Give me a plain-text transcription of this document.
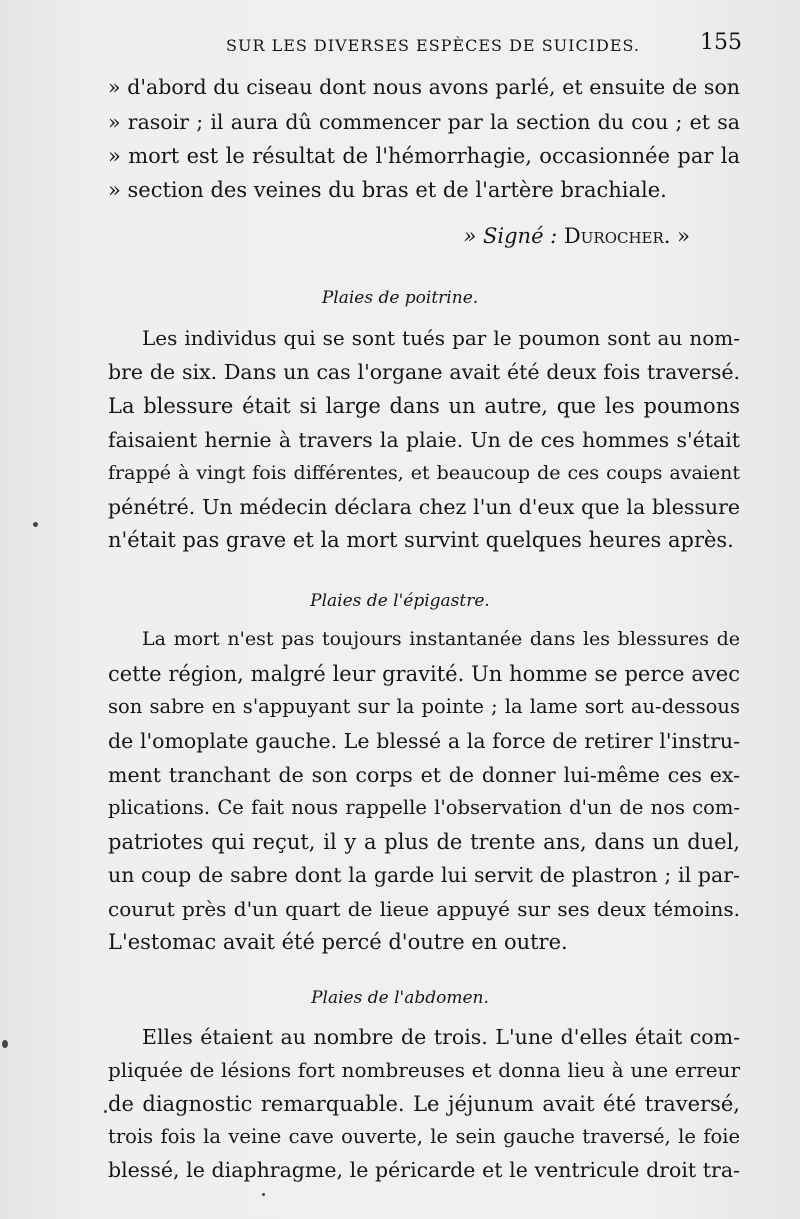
SUR LES DIVERSES ESPÈCES DE SUICIDES.	155
» d'abord du ciseau dont nous avons parlé, et ensuite de son
» rasoir ; il aura dû commencer par la section du cou ; et sa
» mort est le résultat de l'hémorrhagie, occasionnée par la
» section des veines du bras et de l'artère brachiale.
» Signé : Durocher. »
Plaies de poitrine.
Les individus qui se sont tués par le poumon sont au nom-
bre de six. Dans un cas l'organe avait été deux fois traversé.
La blessure était si large dans un autre, que les poumons
faisaient hernie à travers la plaie. Un de ces hommes s'était
frappé à vingt fois différentes, et beaucoup de ces coups avaient
pénétré. Un médecin déclara chez l'un d'eux que la blessure
n'était pas grave et la mort survint quelques heures après.
Plaies de l'épigastre.
La mort n'est pas toujours instantanée dans les blessures de
cette région, malgré leur gravité. Un homme se perce avec
son sabre en s'appuyant sur la pointe ; la lame sort au-dessous
de l'omoplate gauche. Le blessé a la force de retirer l'instru-
ment tranchant de son corps et de donner lui-même ces ex-
plications. Ce fait nous rappelle l'observation d'un de nos com-
patriotes qui reçut, il y a plus de trente ans, dans un duel,
un coup de sabre dont la garde lui servit de plastron ; il par-
courut près d'un quart de lieue appuyé sur ses deux témoins.
L'estomac avait été percé d'outre en outre.
Plaies de l'abdomen.
Elles étaient au nombre de trois. L'une d'elles était com-
pliquée de lésions fort nombreuses et donna lieu à une erreur
de diagnostic remarquable. Le jéjunum avait été traversé,
trois fois la veine cave ouverte, le sein gauche traversé, le foie
blessé, le diaphragme, le péricarde et le ventricule droit tra-
